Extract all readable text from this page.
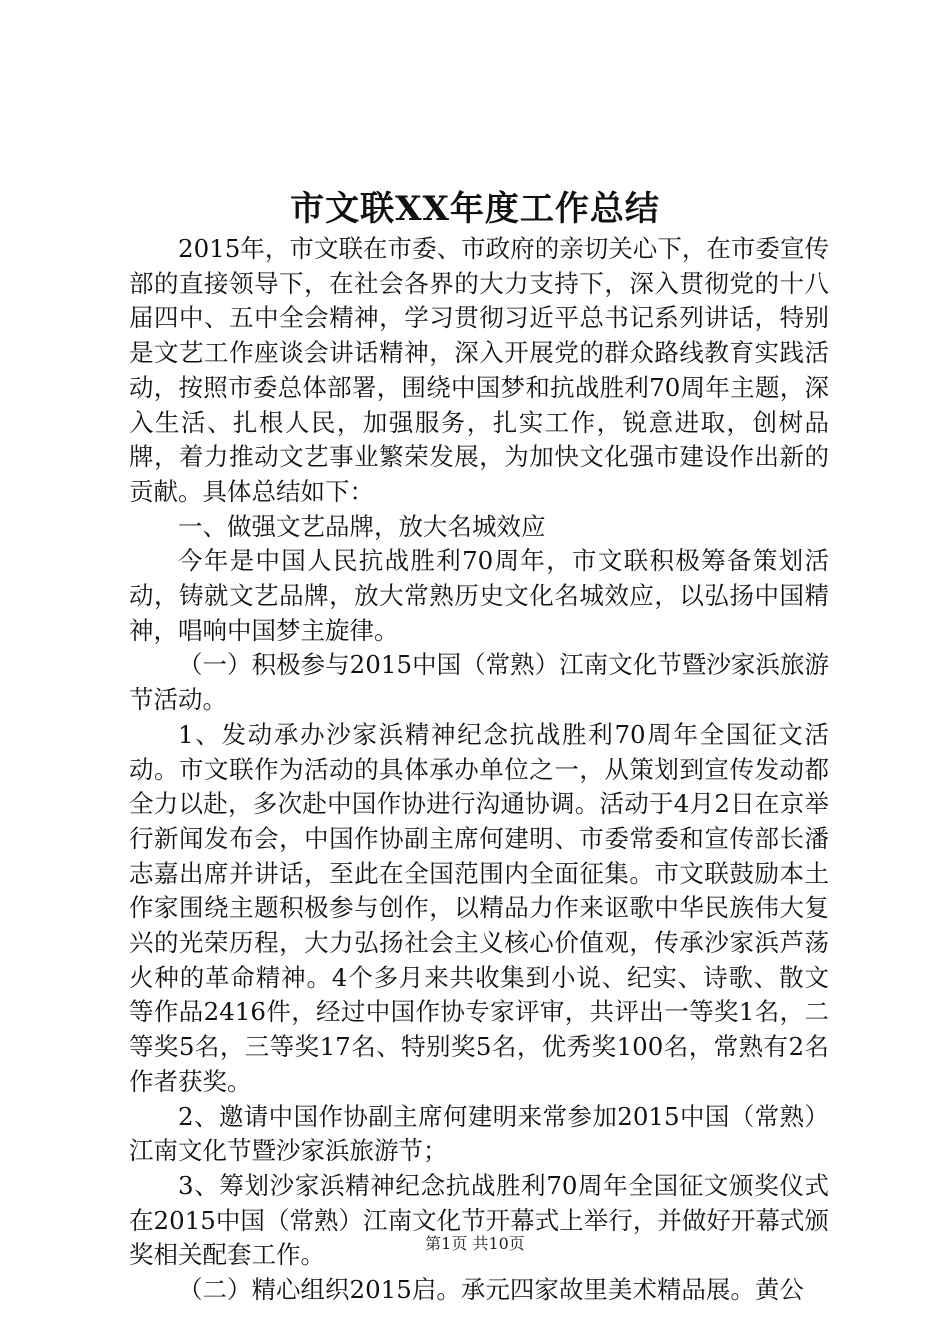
市文联XX年度工作总结

2015年，市文联在市委、市政府的亲切关心下，在市委宣传部的直接领导下，在社会各界的大力支持下，深入贯彻党的十八届四中、五中全会精神，学习贯彻习近平总书记系列讲话，特别是文艺工作座谈会讲话精神，深入开展党的群众路线教育实践活动，按照市委总体部署，围绕中国梦和抗战胜利70周年主题，深入生活、扎根人民，加强服务，扎实工作，锐意进取，创树品牌，着力推动文艺事业繁荣发展，为加快文化强市建设作出新的贡献。具体总结如下：

一、做强文艺品牌，放大名城效应

今年是中国人民抗战胜利70周年，市文联积极筹备策划活动，铸就文艺品牌，放大常熟历史文化名城效应，以弘扬中国精神，唱响中国梦主旋律。

（一）积极参与2015中国（常熟）江南文化节暨沙家浜旅游节活动。

1、发动承办沙家浜精神纪念抗战胜利70周年全国征文活动。市文联作为活动的具体承办单位之一，从策划到宣传发动都全力以赴，多次赴中国作协进行沟通协调。活动于4月2日在京举行新闻发布会，中国作协副主席何建明、市委常委和宣传部长潘志嘉出席并讲话，至此在全国范围内全面征集。市文联鼓励本土作家围绕主题积极参与创作，以精品力作来讴歌中华民族伟大复兴的光荣历程，大力弘扬社会主义核心价值观，传承沙家浜芦荡火种的革命精神。4个多月来共收集到小说、纪实、诗歌、散文等作品2416件，经过中国作协专家评审，共评出一等奖1名，二等奖5名，三等奖17名、特别奖5名，优秀奖100名，常熟有2名作者获奖。

2、邀请中国作协副主席何建明来常参加2015中国（常熟）江南文化节暨沙家浜旅游节；

3、筹划沙家浜精神纪念抗战胜利70周年全国征文颁奖仪式在2015中国（常熟）江南文化节开幕式上举行，并做好开幕式颁奖相关配套工作。

（二）精心组织2015启。承元四家故里美术精品展。黄公

第1页 共10页
